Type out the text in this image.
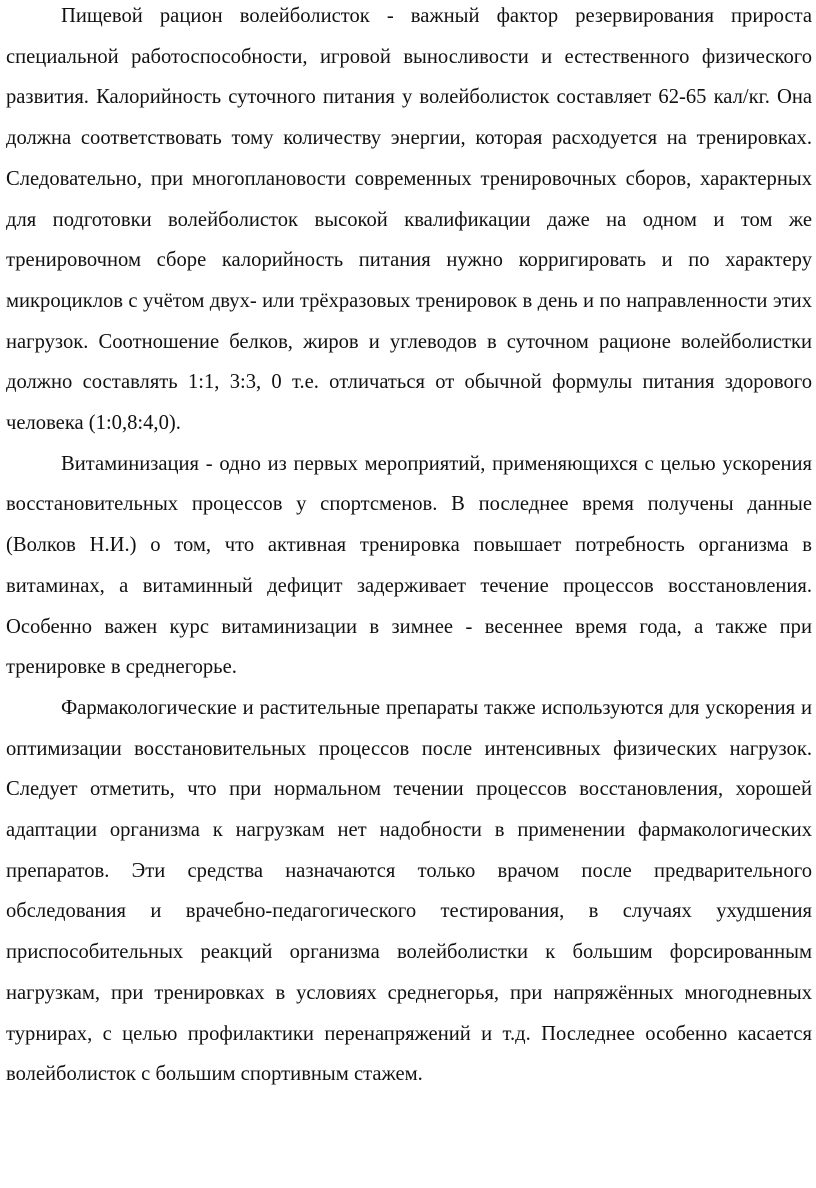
Пищевой рацион волейболисток - важный фактор резервирования прироста специальной работоспособности, игровой выносливости и естественного физического развития. Калорийность суточного питания у волейболисток составляет 62-65 кал/кг. Она должна соответствовать тому количеству энергии, которая расходуется на тренировках. Следовательно, при многоплановости современных тренировочных сборов, характерных для подготовки волейболисток высокой квалификации даже на одном и том же тренировочном сборе калорийность питания нужно корригировать и по характеру микроциклов с учётом двух- или трёхразовых тренировок в день и по направленности этих нагрузок. Соотношение белков, жиров и углеводов в суточном рационе волейболистки должно составлять 1:1, 3:3, 0 т.е. отличаться от обычной формулы питания здорового человека (1:0,8:4,0).

Витаминизация - одно из первых мероприятий, применяющихся с целью ускорения восстановительных процессов у спортсменов. В последнее время получены данные (Волков Н.И.) о том, что активная тренировка повышает потребность организма в витаминах, а витаминный дефицит задерживает течение процессов восстановления. Особенно важен курс витаминизации в зимнее - весеннее время года, а также при тренировке в среднегорье.

Фармакологические и растительные препараты также используются для ускорения и оптимизации восстановительных процессов после интенсивных физических нагрузок. Следует отметить, что при нормальном течении процессов восстановления, хорошей адаптации организма к нагрузкам нет надобности в применении фармакологических препаратов. Эти средства назначаются только врачом после предварительного обследования и врачебно-педагогического тестирования, в случаях ухудшения приспособительных реакций организма волейболистки к большим форсированным нагрузкам, при тренировках в условиях среднегорья, при напряжённых многодневных турнирах, с целью профилактики перенапряжений и т.д. Последнее особенно касается волейболисток с большим спортивным стажем.
